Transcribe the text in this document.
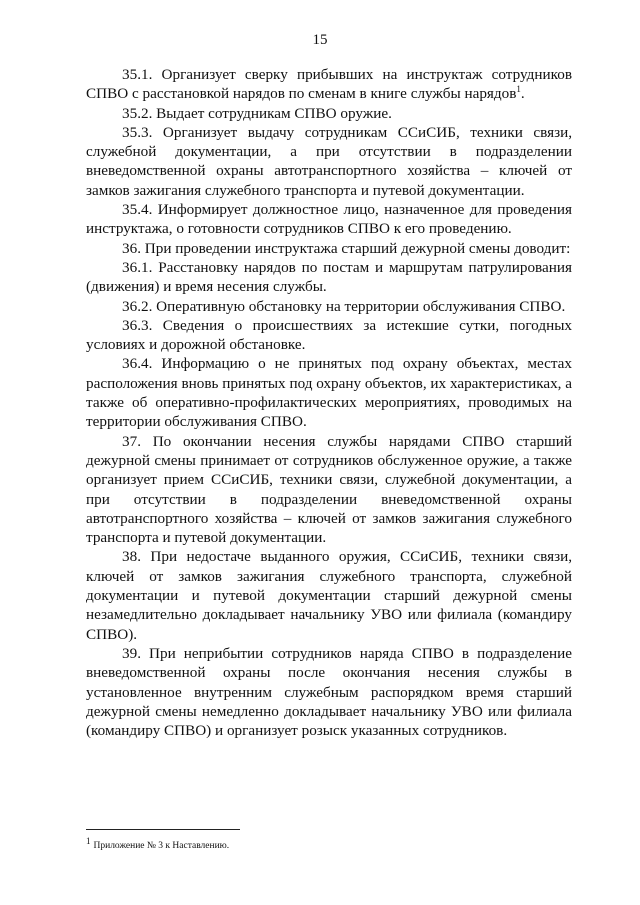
15

35.1. Организует сверку прибывших на инструктаж сотрудников СПВО с расстановкой нарядов по сменам в книге службы нарядов$^1$.

35.2. Выдает сотрудникам СПВО оружие.

35.3. Организует выдачу сотрудникам ССиСИБ, техники связи, служебной документации, а при отсутствии в подразделении вневедомственной охраны автотранспортного хозяйства – ключей от замков зажигания служебного транспорта и путевой документации.

35.4. Информирует должностное лицо, назначенное для проведения инструктажа, о готовности сотрудников СПВО к его проведению.

36. При проведении инструктажа старший дежурной смены доводит:

36.1. Расстановку нарядов по постам и маршрутам патрулирования (движения) и время несения службы.

36.2. Оперативную обстановку на территории обслуживания СПВО.

36.3. Сведения о происшествиях за истекшие сутки, погодных условиях и дорожной обстановке.

36.4. Информацию о не принятых под охрану объектах, местах расположения вновь принятых под охрану объектов, их характеристиках, а также об оперативно-профилактических мероприятиях, проводимых на территории обслуживания СПВО.

37. По окончании несения службы нарядами СПВО старший дежурной смены принимает от сотрудников обслуженное оружие, а также организует прием ССиСИБ, техники связи, служебной документации, а при отсутствии в подразделении вневедомственной охраны автотранспортного хозяйства – ключей от замков зажигания служебного транспорта и путевой документации.

38. При недостаче выданного оружия, ССиСИБ, техники связи, ключей от замков зажигания служебного транспорта, служебной документации и путевой документации старший дежурной смены незамедлительно докладывает начальнику УВО или филиала (командиру СПВО).

39. При неприбытии сотрудников наряда СПВО в подразделение вневедомственной охраны после окончания несения службы в установленное внутренним служебным распорядком время старший дежурной смены немедленно докладывает начальнику УВО или филиала (командиру СПВО) и организует розыск указанных сотрудников.

$^1$Приложение № 3 к Наставлению.
